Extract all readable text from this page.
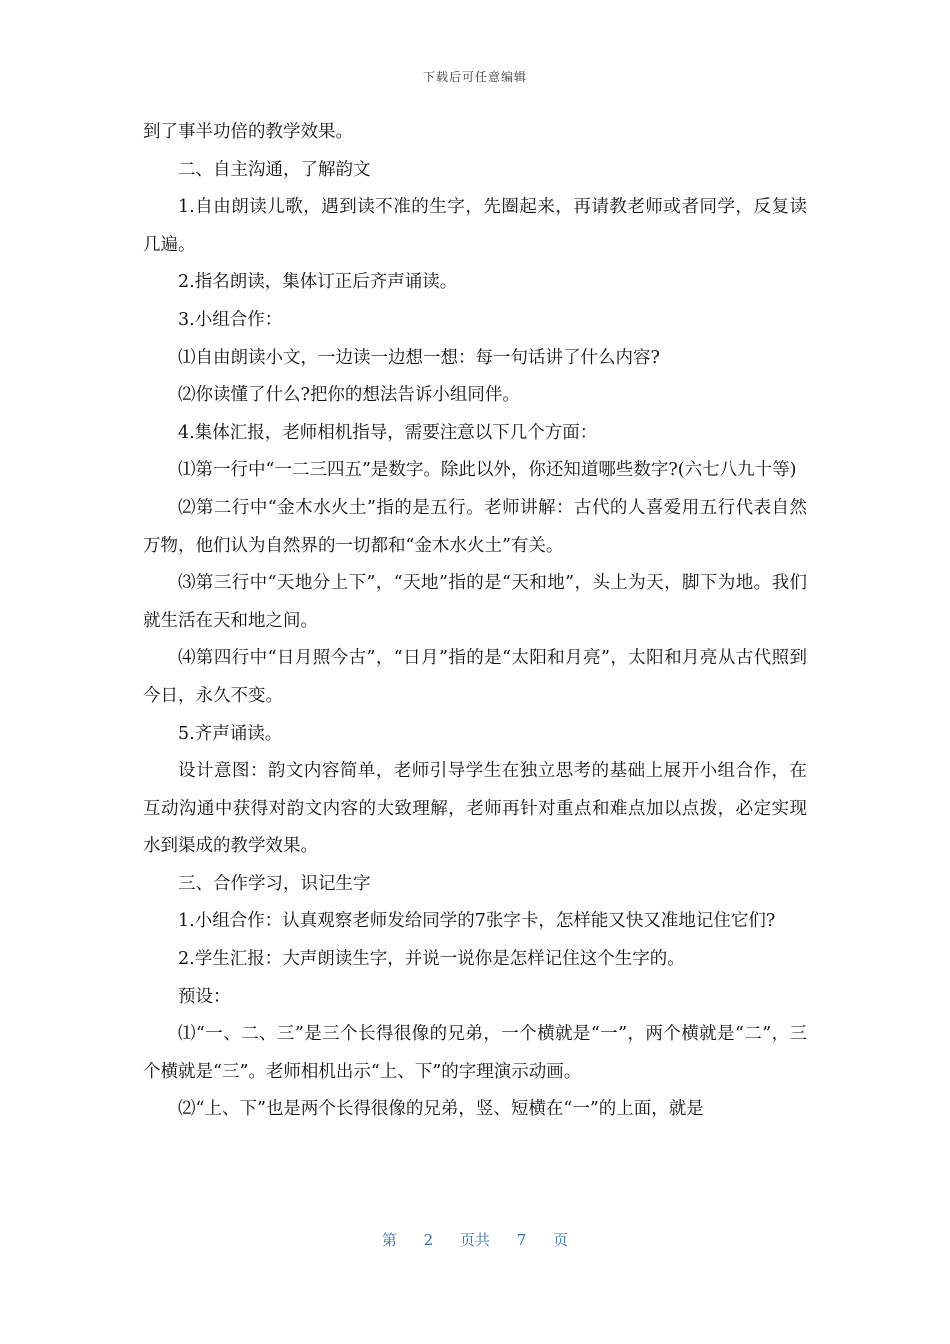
下载后可任意编辑

到了事半功倍的教学效果。

二、自主沟通，了解韵文

1.自由朗读儿歌，遇到读不准的生字，先圈起来，再请教老师或者同学，反复读几遍。

2.指名朗读，集体订正后齐声诵读。

3.小组合作：

⑴自由朗读小文，一边读一边想一想：每一句话讲了什么内容?

⑵你读懂了什么?把你的想法告诉小组同伴。

4.集体汇报，老师相机指导，需要注意以下几个方面：

⑴第一行中“一二三四五”是数字。除此以外，你还知道哪些数字?(六七八九十等)

⑵第二行中“金木水火土”指的是五行。老师讲解：古代的人喜爱用五行代表自然万物，他们认为自然界的一切都和“金木水火土”有关。

⑶第三行中“天地分上下”，“天地”指的是“天和地”，头上为天，脚下为地。我们就生活在天和地之间。

⑷第四行中“日月照今古”，“日月”指的是“太阳和月亮”，太阳和月亮从古代照到今日，永久不变。

5.齐声诵读。

设计意图：韵文内容简单，老师引导学生在独立思考的基础上展开小组合作，在互动沟通中获得对韵文内容的大致理解，老师再针对重点和难点加以点拨，必定实现水到渠成的教学效果。

三、合作学习，识记生字

1.小组合作：认真观察老师发给同学的7张字卡，怎样能又快又准地记住它们?

2.学生汇报：大声朗读生字，并说一说你是怎样记住这个生字的。

预设：

⑴“一、二、三”是三个长得很像的兄弟，一个横就是“一”，两个横就是“二”，三个横就是“三”。老师相机出示“上、下”的字理演示动画。

⑵“上、下”也是两个长得很像的兄弟，竖、短横在“一”的上面，就是

第 2 页共 7 页
